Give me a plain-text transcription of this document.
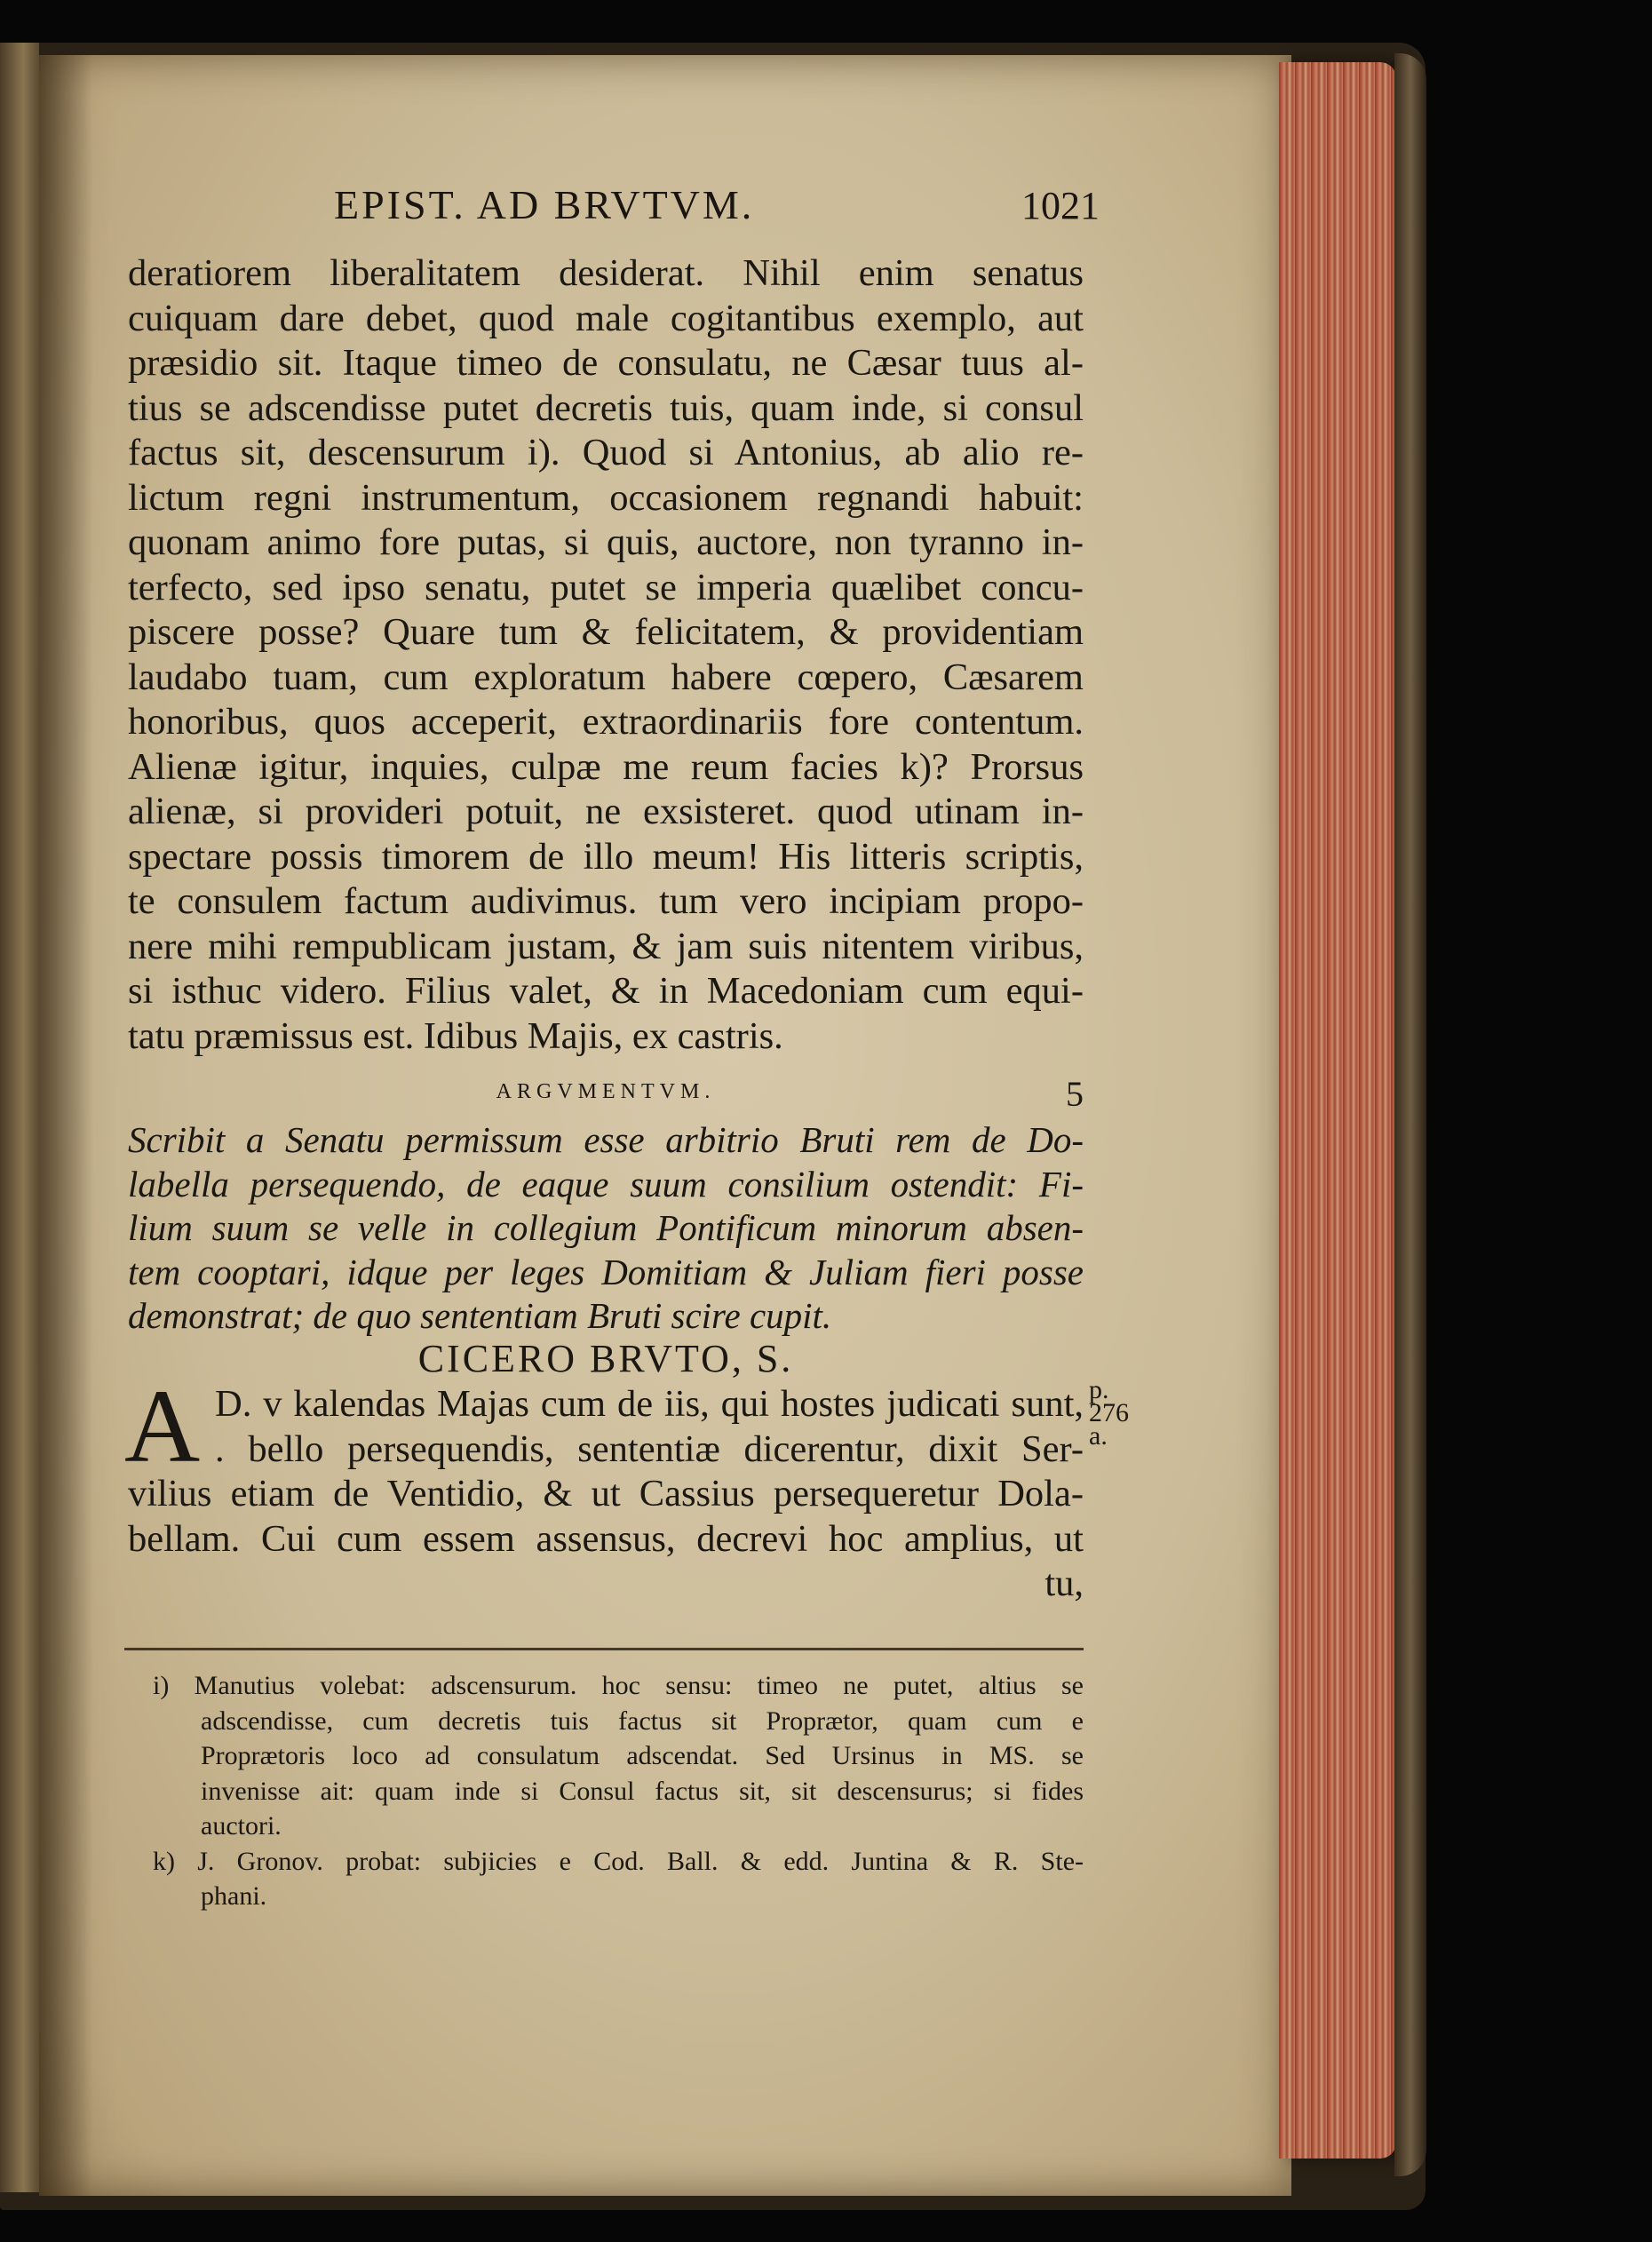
EPIST. AD BRVTVM.	1021
deratiorem liberalitatem desiderat. Nihil enim senatus
cuiquam dare debet, quod male cogitantibus exemplo, aut
præsidio sit. Itaque timeo de consulatu, ne Cæsar tuus al-
tius se adscendisse putet decretis tuis, quam inde, si consul
factus sit, descensurum i). Quod si Antonius, ab alio re-
lictum regni instrumentum, occasionem regnandi habuit:
quonam animo fore putas, si quis, auctore, non tyranno in-
terfecto, sed ipso senatu, putet se imperia quælibet concu-
piscere posse? Quare tum & felicitatem, & providentiam
laudabo tuam, cum exploratum habere cœpero, Cæsarem
honoribus, quos acceperit, extraordinariis fore contentum.
Alienæ igitur, inquies, culpæ me reum facies k)? Prorsus
alienæ, si provideri potuit, ne exsisteret. quod utinam in-
spectare possis timorem de illo meum! His litteris scriptis,
te consulem factum audivimus. tum vero incipiam propo-
nere mihi rempublicam justam, & jam suis nitentem viribus,
si isthuc videro. Filius valet, & in Macedoniam cum equi-
tatu præmissus est. Idibus Majis, ex castris.
ARGVMENTVM.	5
Scribit a Senatu permissum esse arbitrio Bruti rem de Do-
labella persequendo, de eaque suum consilium ostendit: Fi-
lium suum se velle in collegium Pontificum minorum absen-
tem cooptari, idque per leges Domitiam & Juliam fieri posse
demonstrat; de quo sententiam Bruti scire cupit.
CICERO BRVTO, S.
A D. v kalendas Majas cum de iis, qui hostes judicati sunt,
. bello persequendis, sententiæ dicerentur, dixit Ser-
vilius etiam de Ventidio, & ut Cassius persequeretur Dola-
bellam. Cui cum essem assensus, decrevi hoc amplius, ut
tu,
p.
276
a.
i) Manutius volebat: adscensurum. hoc sensu: timeo ne putet, altius se
adscendisse, cum decretis tuis factus sit Proprætor, quam cum e
Proprætoris loco ad consulatum adscendat. Sed Ursinus in MS. se
invenisse ait: quam inde si Consul factus sit, sit descensurus; si fides
auctori.
k) J. Gronov. probat: subjicies e Cod. Ball. & edd. Juntina & R. Ste-
phani.
